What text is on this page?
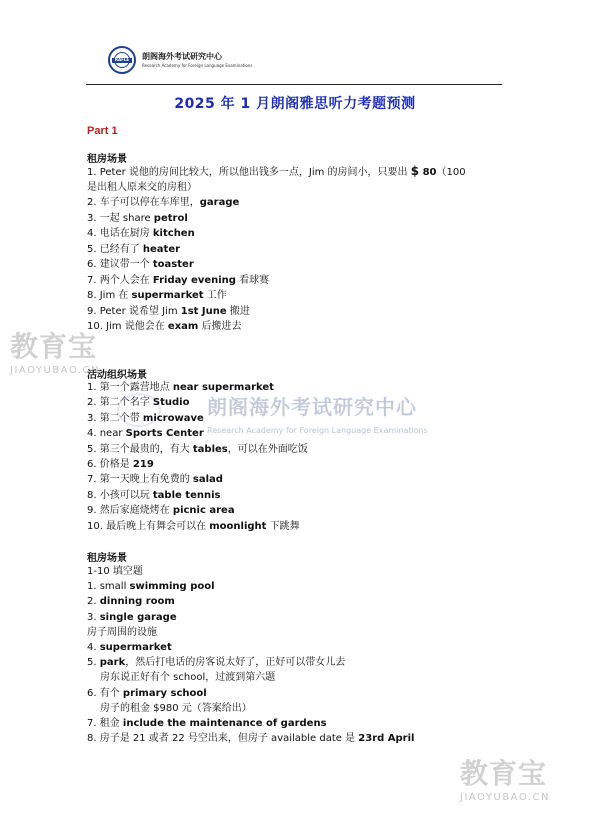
RAFLE	朗阁海外考试研究中心
Research Academy for Foreign Language Examinations
2025 年 1 月朗阁雅思听力考题预测
Part 1
租房场景
1. Peter 说他的房间比较大，所以他出钱多一点，Jim 的房间小，只要出 $ 80（100
是出租人原来交的房租）
2. 车子可以停在车库里，garage
3. 一起 share petrol
4. 电话在厨房 kitchen
5. 已经有了 heater
6. 建议带一个 toaster
7. 两个人会在 Friday evening 看球赛
8. Jim 在 supermarket 工作
9. Peter 说希望 Jim 1st June 搬进
10. Jim 说他会在 exam 后搬进去
活动组织场景
1. 第一个露营地点 near supermarket
2. 第二个名字 Studio
3. 第二个带 microwave
4. near Sports Center
5. 第三个最贵的，有大 tables，可以在外面吃饭
6. 价格是 219
7. 第一天晚上有免费的 salad
8. 小孩可以玩 table tennis
9. 然后家庭烧烤在 picnic area
10. 最后晚上有舞会可以在 moonlight 下跳舞
租房场景
1-10 填空题
1. small swimming pool
2. dinning room
3. single garage
房子周围的设施
4. supermarket
5. park，然后打电话的房客说太好了，正好可以带女儿去
房东说正好有个 school，过渡到第六题
6. 有个 primary school
房子的租金 $980 元（答案给出）
7. 租金 include the maintenance of gardens
8. 房子是 21 或者 22 号空出来，但房子 available date 是 23rd April
朗阁海外考试研究中心
Research Academy for Foreign Language Examinations
教育宝
JIAOYUBAO.CN
教育宝
JIAOYUBAO.CN
